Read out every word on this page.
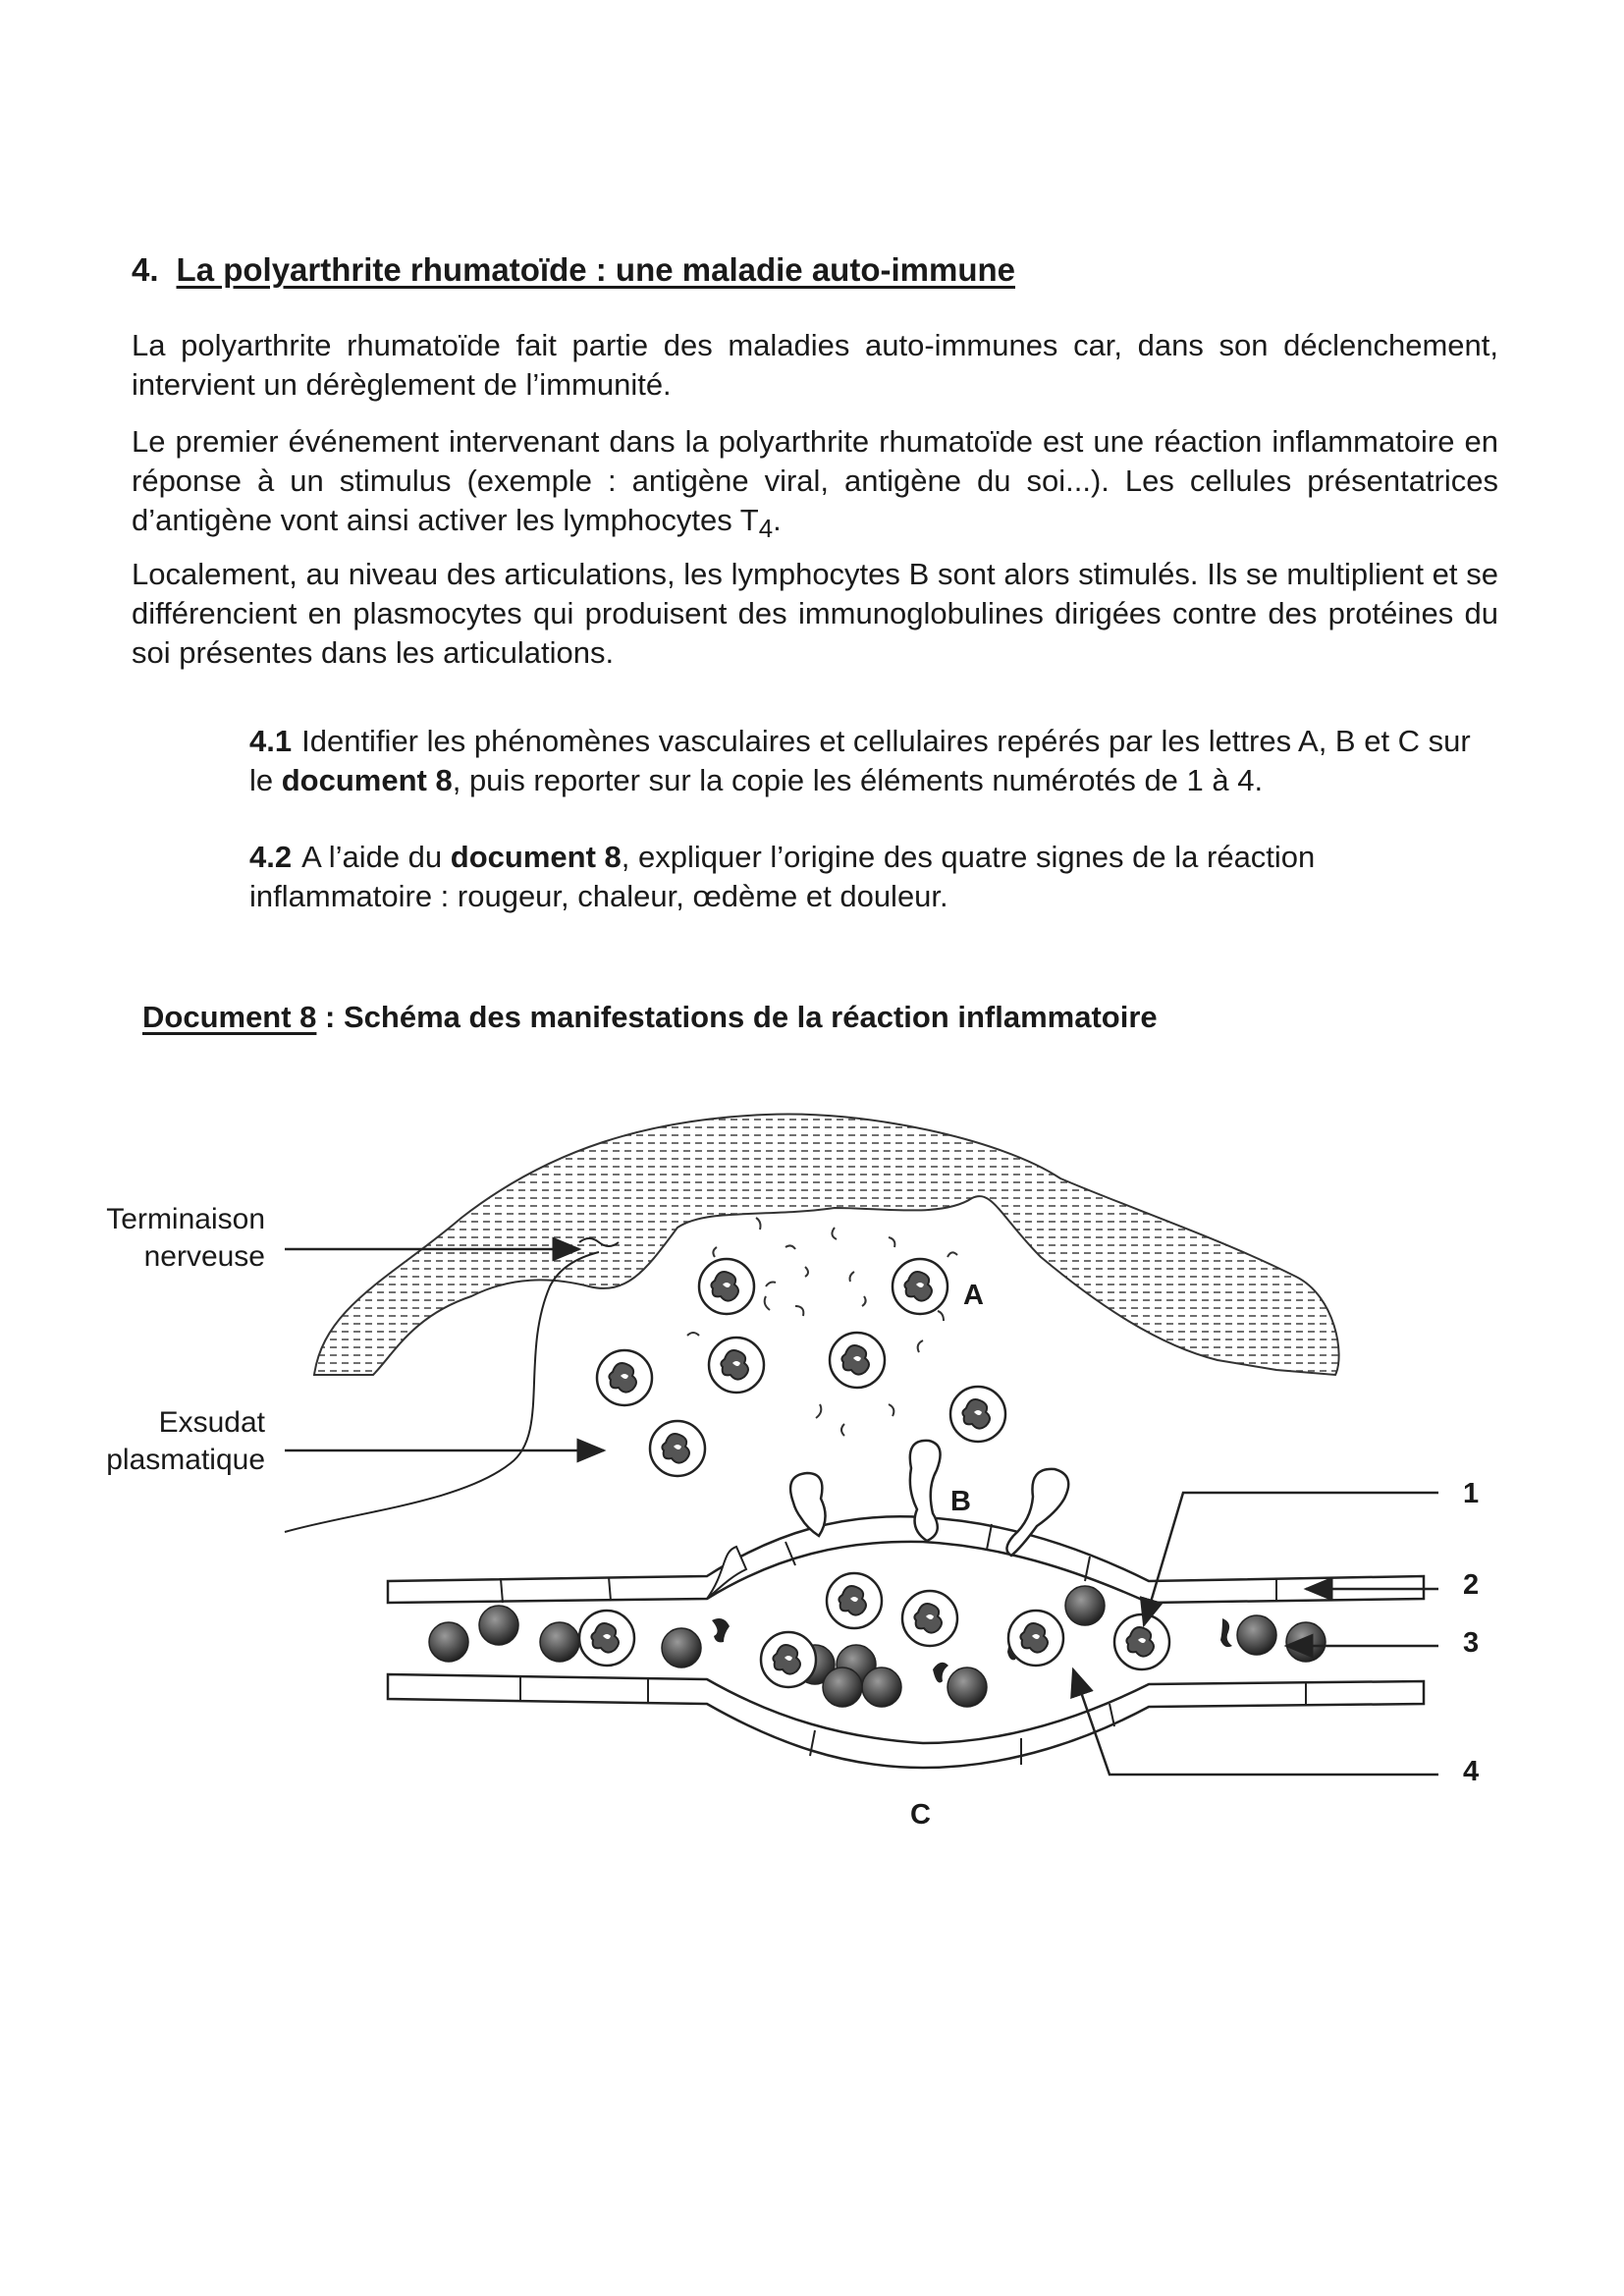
4. La polyarthrite rhumatoïde : une maladie auto-immune

La polyarthrite rhumatoïde fait partie des maladies auto-immunes car, dans son déclenchement, intervient un dérèglement de l’immunité.

Le premier événement intervenant dans la polyarthrite rhumatoïde est une réaction inflammatoire en réponse à un stimulus (exemple : antigène viral, antigène du soi...). Les cellules présentatrices d’antigène vont ainsi activer les lymphocytes $T_4$.

Localement, au niveau des articulations, les lymphocytes B sont alors stimulés. Ils se multiplient et se différencient en plasmocytes qui produisent des immunoglobulines dirigées contre des protéines du soi présentes dans les articulations.

4.1 Identifier les phénomènes vasculaires et cellulaires repérés par les lettres A, B et C sur le document 8, puis reporter sur la copie les éléments numérotés de 1 à 4.
4.2 A l’aide du document 8, expliquer l’origine des quatre signes de la réaction inflammatoire : rougeur, chaleur, œdème et douleur.
Document 8 : Schéma des manifestations de la réaction inflammatoire
Terminaison nerveuse
Exsudat plasmatique
A
B
C
1
2
3
4
